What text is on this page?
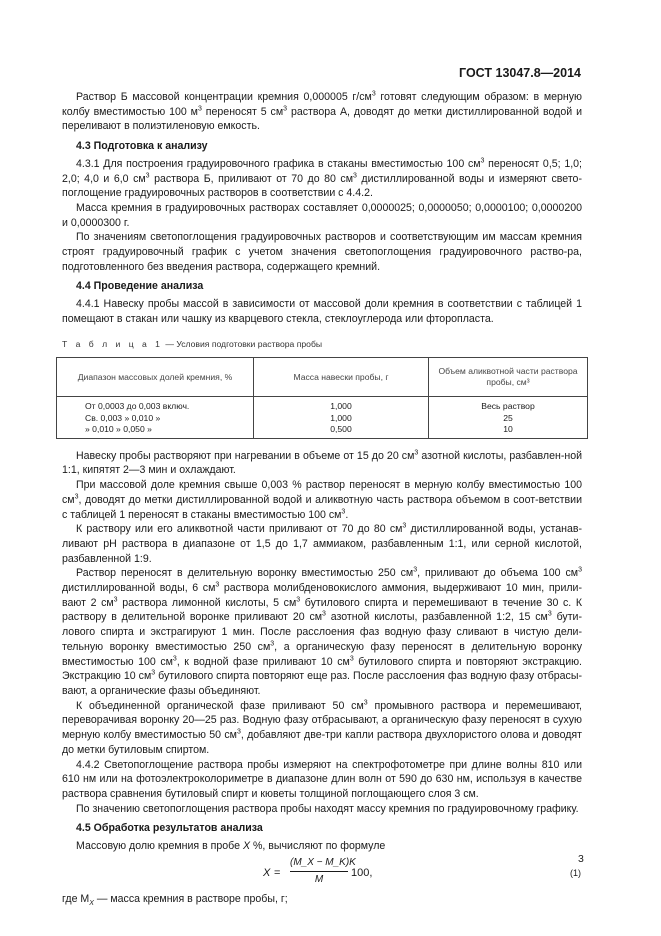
ГОСТ 13047.8—2014

Раствор Б массовой концентрации кремния 0,000005 $г/см^3$ готовят следующим образом: в мерную колбу вместимостью 100 $м^3$ переносят 5 $см^3$ раствора А, доводят до метки дистиллированной водой и переливают в полиэтиленовую емкость.

4.3 Подготовка к анализу

4.3.1 Для построения градуировочного графика в стаканы вместимостью 100 $см^3$ переносят 0,5; 1,0; 2,0; 4,0 и 6,0 $см^3$ раствора Б, приливают от 70 до 80 $см^3$ дистиллированной воды и измеряют свето-поглощение градуировочных растворов в соответствии с 4.4.2.

Масса кремния в градуировочных растворах составляет 0,0000025; 0,0000050; 0,0000100; 0,0000200 и 0,0000300 г.

По значениям светопоглощения градуировочных растворов и соответствующим им массам кремния строят градуировочный график с учетом значения светопоглощения градуировочного раство-ра, подготовленного без введения раствора, содержащего кремний.

4.4 Проведение анализа

4.4.1 Навеску пробы массой в зависимости от массовой доли кремния в соответствии с таблицей 1 помещают в стакан или чашку из кварцевого стекла, стеклоуглерода или фторопласта.

Т а б л и ц а 1 — Условия подготовки раствора пробы
Диапазон массовых долей кремния, %	Масса навески пробы, г	Объем аликвотной части раствора пробы, см³
От 0,0003 до 0,003 включ.	1,000	Весь раствор
Св. 0,003 » 0,010 »	1,000	25
» 0,010 » 0,050 »	0,500	10

Навеску пробы растворяют при нагревании в объеме от 15 до 20 $см^3$ азотной кислоты, разбавлен-ной 1:1, кипятят 2—3 мин и охлаждают.

При массовой доле кремния свыше 0,003 % раствор переносят в мерную колбу вместимостью 100 $см^3$, доводят до метки дистиллированной водой и аликвотную часть раствора объемом в соот-ветствии с таблицей 1 переносят в стаканы вместимостью 100 $см^3$.

К раствору или его аликвотной части приливают от 70 до 80 $см^3$ дистиллированной воды, устанав-ливают рН раствора в диапазоне от 1,5 до 1,7 аммиаком, разбавленным 1:1, или серной кислотой, разбавленной 1:9.

Раствор переносят в делительную воронку вместимостью 250 $см^3$, приливают до объема 100 $см^3$ дистиллированной воды, 6 $см^3$ раствора молибденовокислого аммония, выдерживают 10 мин, прили-вают 2 $см^3$ раствора лимонной кислоты, 5 $см^3$ бутилового спирта и перемешивают в течение 30 с. К раствору в делительной воронке приливают 20 $см^3$ азотной кислоты, разбавленной 1:2, 15 $см^3$ бути-лового спирта и экстрагируют 1 мин. После расслоения фаз водную фазу сливают в чистую дели-тельную воронку вместимостью 250 $см^3$, а органическую фазу переносят в делительную воронку вместимостью 100 $см^3$, к водной фазе приливают 10 $см^3$ бутилового спирта и повторяют экстракцию. Экстракцию 10 $см^3$ бутилового спирта повторяют еще раз. После расслоения фаз водную фазу отбрасы-вают, а органические фазы объединяют.

К объединенной органической фазе приливают 50 $см^3$ промывного раствора и перемешивают, переворачивая воронку 20—25 раз. Водную фазу отбрасывают, а органическую фазу переносят в сухую мерную колбу вместимостью 50 $см^3$, добавляют две-три капли раствора двухлористого олова и доводят до метки бутиловым спиртом.

4.4.2 Светопоглощение раствора пробы измеряют на спектрофотометре при длине волны 810 или 610 нм или на фотоэлектроколориметре в диапазоне длин волн от 590 до 630 нм, используя в качестве раствора сравнения бутиловый спирт и кюветы толщиной поглощающего слоя 3 см.

По значению светопоглощения раствора пробы находят массу кремния по градуировочному графику.

4.5 Обработка результатов анализа

Массовую долю кремния в пробе X %, вычисляют по формуле

$X = \frac{(M\_X - M\_K)K}{M} 100$,	(1)

где $M_X$ — масса кремния в растворе пробы, г;

3
